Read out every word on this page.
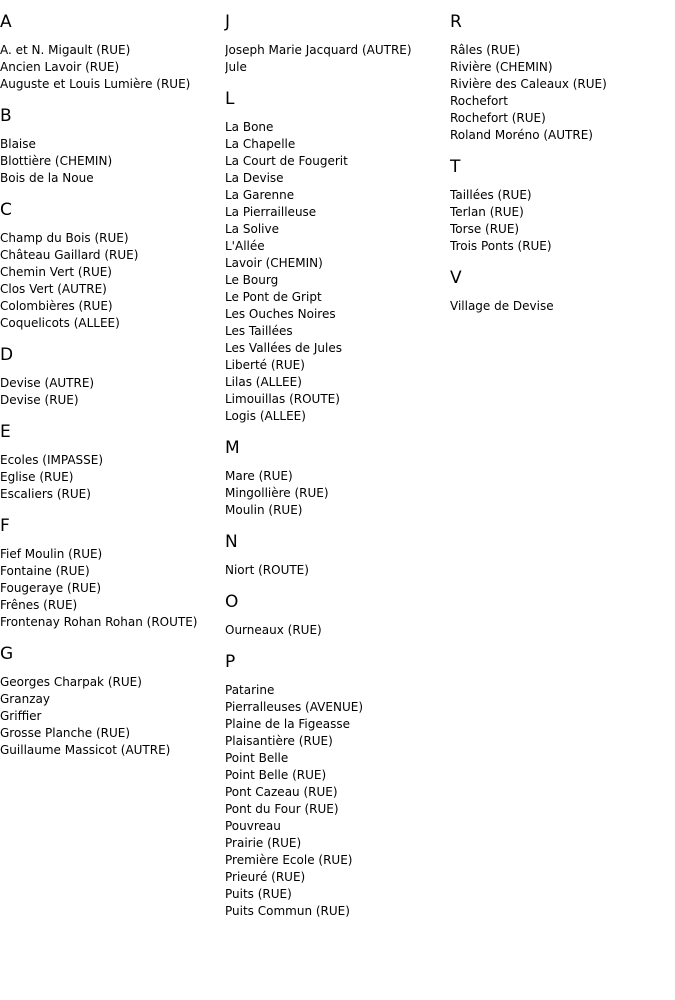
A
A. et N. Migault (RUE)
Ancien Lavoir (RUE)
Auguste et Louis Lumière (RUE)
B
Blaise
Blottière (CHEMIN)
Bois de la Noue
C
Champ du Bois (RUE)
Château Gaillard (RUE)
Chemin Vert (RUE)
Clos Vert (AUTRE)
Colombières (RUE)
Coquelicots (ALLEE)
D
Devise (AUTRE)
Devise (RUE)
E
Ecoles (IMPASSE)
Eglise (RUE)
Escaliers (RUE)
F
Fief Moulin (RUE)
Fontaine (RUE)
Fougeraye (RUE)
Frênes (RUE)
Frontenay Rohan Rohan (ROUTE)
G
Georges Charpak (RUE)
Granzay
Griffier
Grosse Planche (RUE)
Guillaume Massicot (AUTRE)
J
Joseph Marie Jacquard (AUTRE)
Jule
L
La Bone
La Chapelle
La Court de Fougerit
La Devise
La Garenne
La Pierrailleuse
La Solive
L'Allée
Lavoir (CHEMIN)
Le Bourg
Le Pont de Gript
Les Ouches Noires
Les Taillées
Les Vallées de Jules
Liberté (RUE)
Lilas (ALLEE)
Limouillas (ROUTE)
Logis (ALLEE)
M
Mare (RUE)
Mingollière (RUE)
Moulin (RUE)
N
Niort (ROUTE)
O
Ourneaux (RUE)
P
Patarine
Pierralleuses (AVENUE)
Plaine de la Figeasse
Plaisantière (RUE)
Point Belle
Point Belle (RUE)
Pont Cazeau (RUE)
Pont du Four (RUE)
Pouvreau
Prairie (RUE)
Première Ecole (RUE)
Prieuré (RUE)
Puits (RUE)
Puits Commun (RUE)
R
Râles (RUE)
Rivière (CHEMIN)
Rivière des Caleaux (RUE)
Rochefort
Rochefort (RUE)
Roland Moréno (AUTRE)
T
Taillées (RUE)
Terlan (RUE)
Torse (RUE)
Trois Ponts (RUE)
V
Village de Devise
